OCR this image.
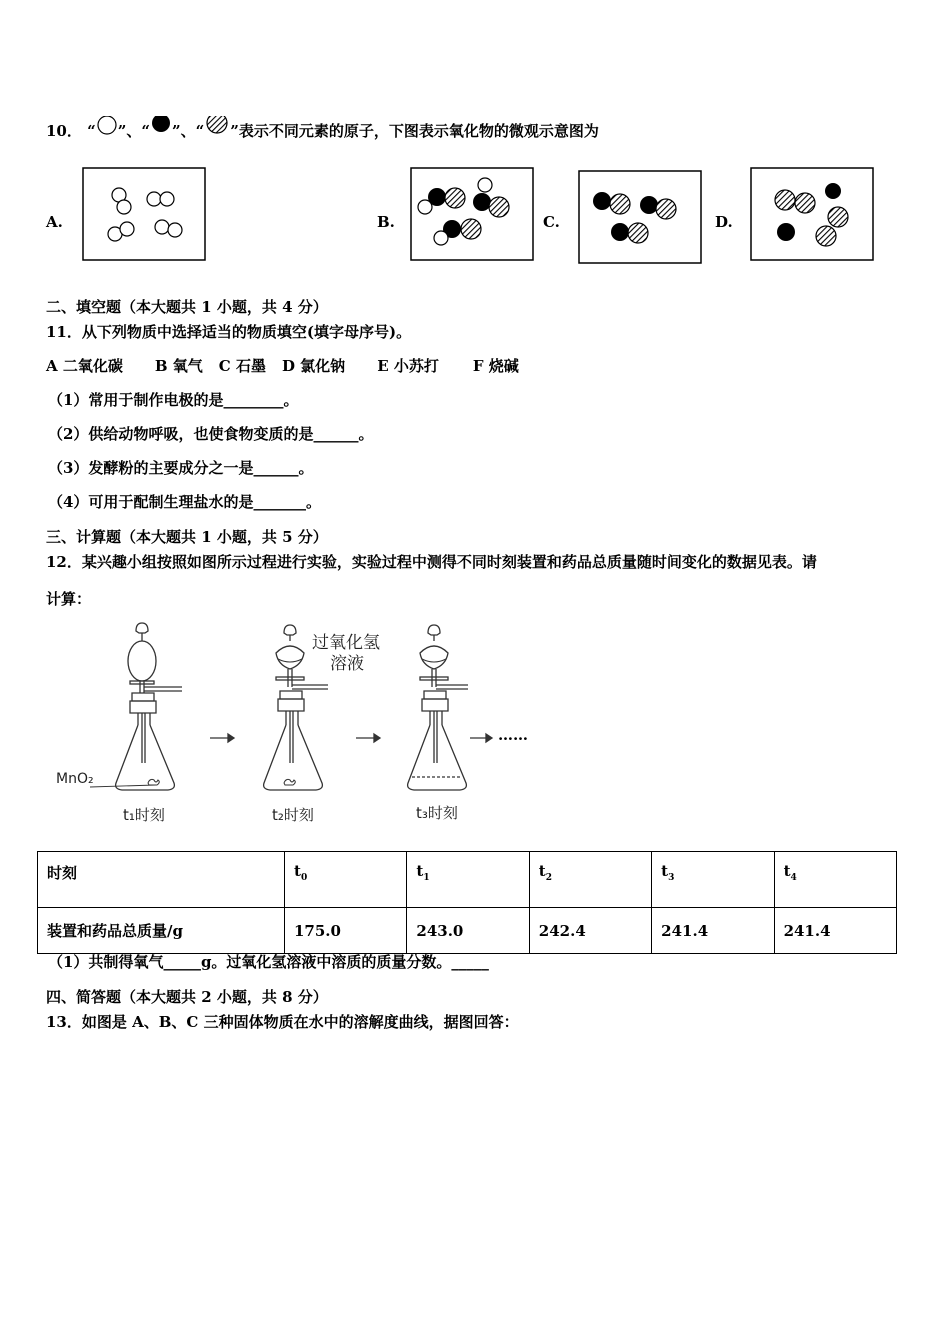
10． “ ”、“ ”、“ ”表示不同元素的原子，下图表示氧化物的微观示意图为
A.	B.	C.	D.
二、填空题（本大题共 1 小题，共 4 分）
11．从下列物质中选择适当的物质填空(填字母序号)。
A 二氧化碳 B 氧气 C 石墨 D 氯化钠 E 小苏打 F 烧碱
（1）常用于制作电极的是________。
（2）供给动物呼吸，也使食物变质的是______。
（3）发酵粉的主要成分之一是______。
（4）可用于配制生理盐水的是_______。
三、计算题（本大题共 1 小题，共 5 分）
12．某兴趣小组按照如图所示过程进行实验，实验过程中测得不同时刻装置和药品总质量随时间变化的数据见表。请
计算：
过氧化氢
溶液
MnO₂
t₁时刻	t₂时刻	t₃时刻
……
时刻	$t_0$	$t_1$	$t_2$	$t_3$	$t_4$
装置和药品总质量/g	175.0	243.0	242.4	241.4	241.4
（1）共制得氧气_____g。过氧化氢溶液中溶质的质量分数。_____
四、简答题（本大题共 2 小题，共 8 分）
13．如图是 A、B、C 三种固体物质在水中的溶解度曲线，据图回答：
